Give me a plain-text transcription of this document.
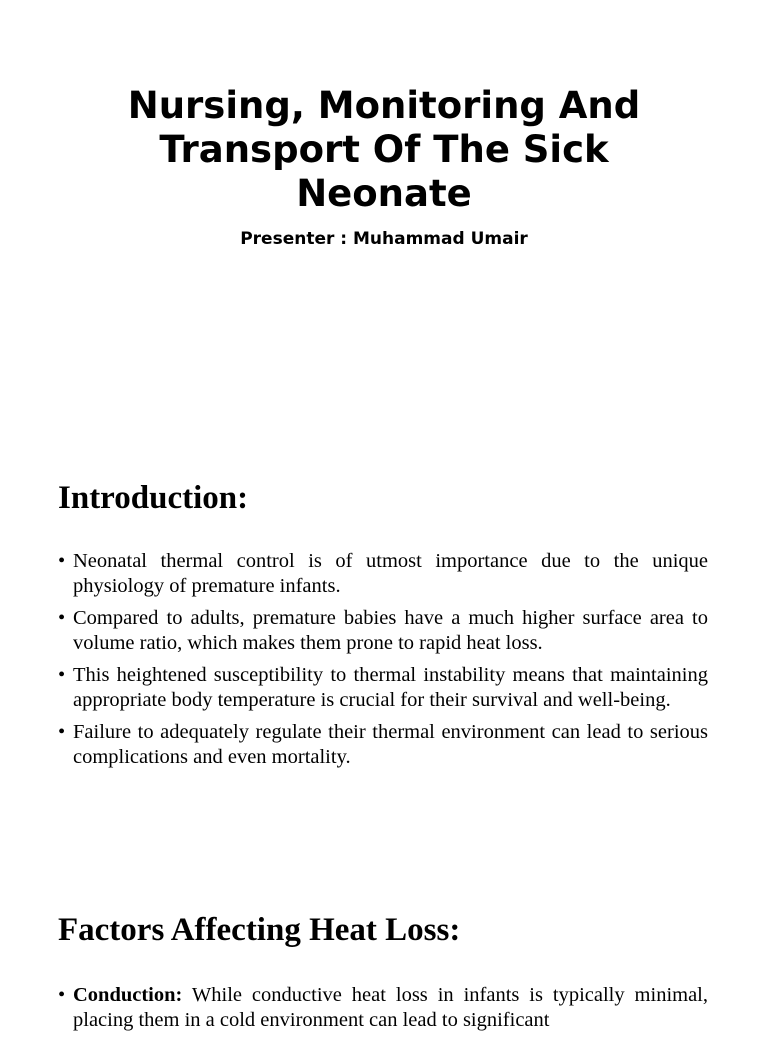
Nursing, Monitoring And Transport Of The Sick Neonate
Presenter : Muhammad Umair
Introduction:
• Neonatal thermal control is of utmost importance due to the unique physiology of premature infants.
• Compared to adults, premature babies have a much higher surface area to volume ratio, which makes them prone to rapid heat loss.
• This heightened susceptibility to thermal instability means that maintaining appropriate body temperature is crucial for their survival and well-being.
• Failure to adequately regulate their thermal environment can lead to serious complications and even mortality.
Factors Affecting Heat Loss:
• Conduction: While conductive heat loss in infants is typically minimal, placing them in a cold environment can lead to significant
